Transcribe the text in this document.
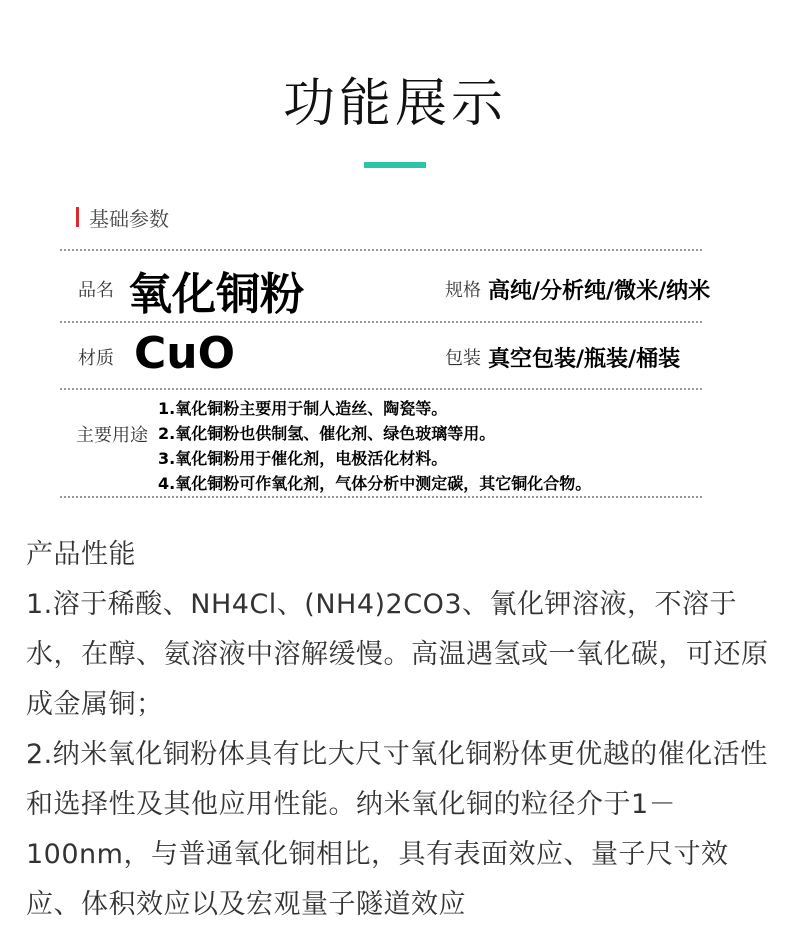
功能展示
基础参数
品名 氧化铜粉	规格 高纯/分析纯/微米/纳米
材质 CuO	包装 真空包装/瓶装/桶装
主要用途
1.氧化铜粉主要用于制人造丝、陶瓷等。
2.氧化铜粉也供制氢、催化剂、绿色玻璃等用。
3.氧化铜粉用于催化剂，电极活化材料。
4.氧化铜粉可作氧化剂，气体分析中测定碳，其它铜化合物。

产品性能

1.溶于稀酸、NH4Cl、(NH4)2CO3、氰化钾溶液，不溶于水，在醇、氨溶液中溶解缓慢。高温遇氢或一氧化碳，可还原成金属铜；

2.纳米氧化铜粉体具有比大尺寸氧化铜粉体更优越的催化活性和选择性及其他应用性能。纳米氧化铜的粒径介于1－100nm，与普通氧化铜相比，具有表面效应、量子尺寸效应、体积效应以及宏观量子隧道效应
